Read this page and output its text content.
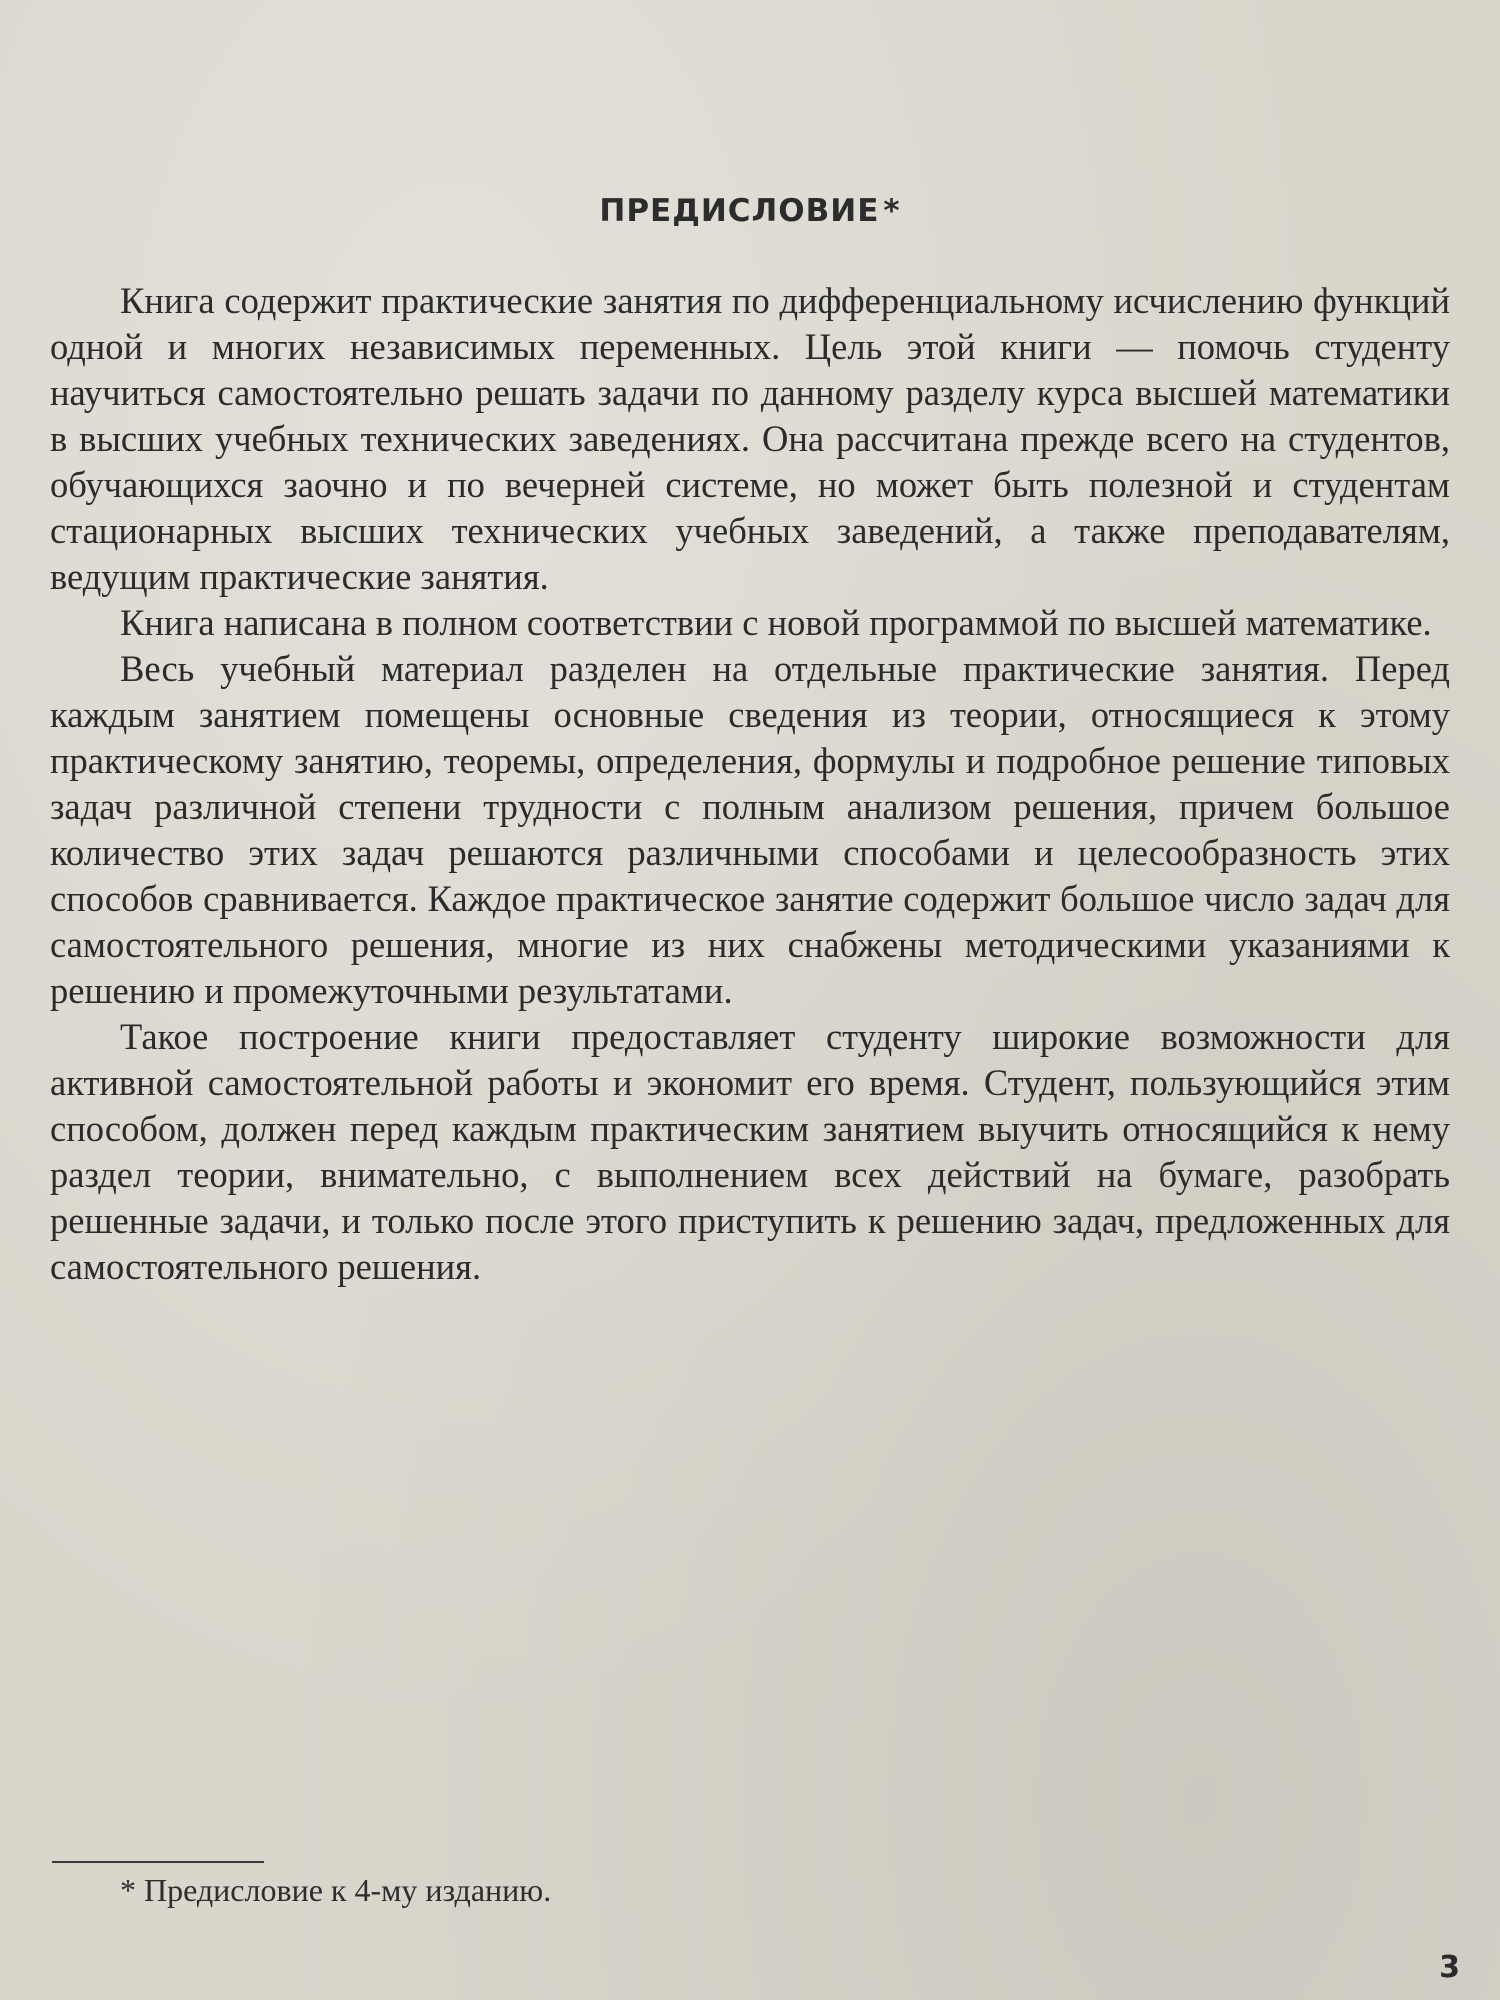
ПРЕДИСЛОВИЕ *

Книга содержит практические занятия по дифференциальному исчислению функций одной и многих независимых переменных. Цель этой книги — помочь студенту научиться самостоятельно решать задачи по данному разделу курса высшей математики в высших учебных технических заведениях. Она рассчитана прежде всего на студентов, обучающихся заочно и по вечерней системе, но может быть полезной и студентам стационарных высших технических учебных заведений, а также преподавателям, ведущим практические занятия.

Книга написана в полном соответствии с новой программой по высшей математике.

Весь учебный материал разделен на отдельные практические занятия. Перед каждым занятием помещены основные сведения из теории, относящиеся к этому практическому занятию, теоремы, определения, формулы и подробное решение типовых задач различной степени трудности с полным анализом решения, причем большое количество этих задач решаются различными способами и целесообразность этих способов сравнивается. Каждое практическое занятие содержит большое число задач для самостоятельного решения, многие из них снабжены методическими указаниями к решению и промежуточными результатами.

Такое построение книги предоставляет студенту широкие возможности для активной самостоятельной работы и экономит его время. Студент, пользующийся этим способом, должен перед каждым практическим занятием выучить относящийся к нему раздел теории, внимательно, с выполнением всех действий на бумаге, разобрать решенные задачи, и только после этого приступить к решению задач, предложенных для самостоятельного решения.

* Предисловие к 4-му изданию.
3
